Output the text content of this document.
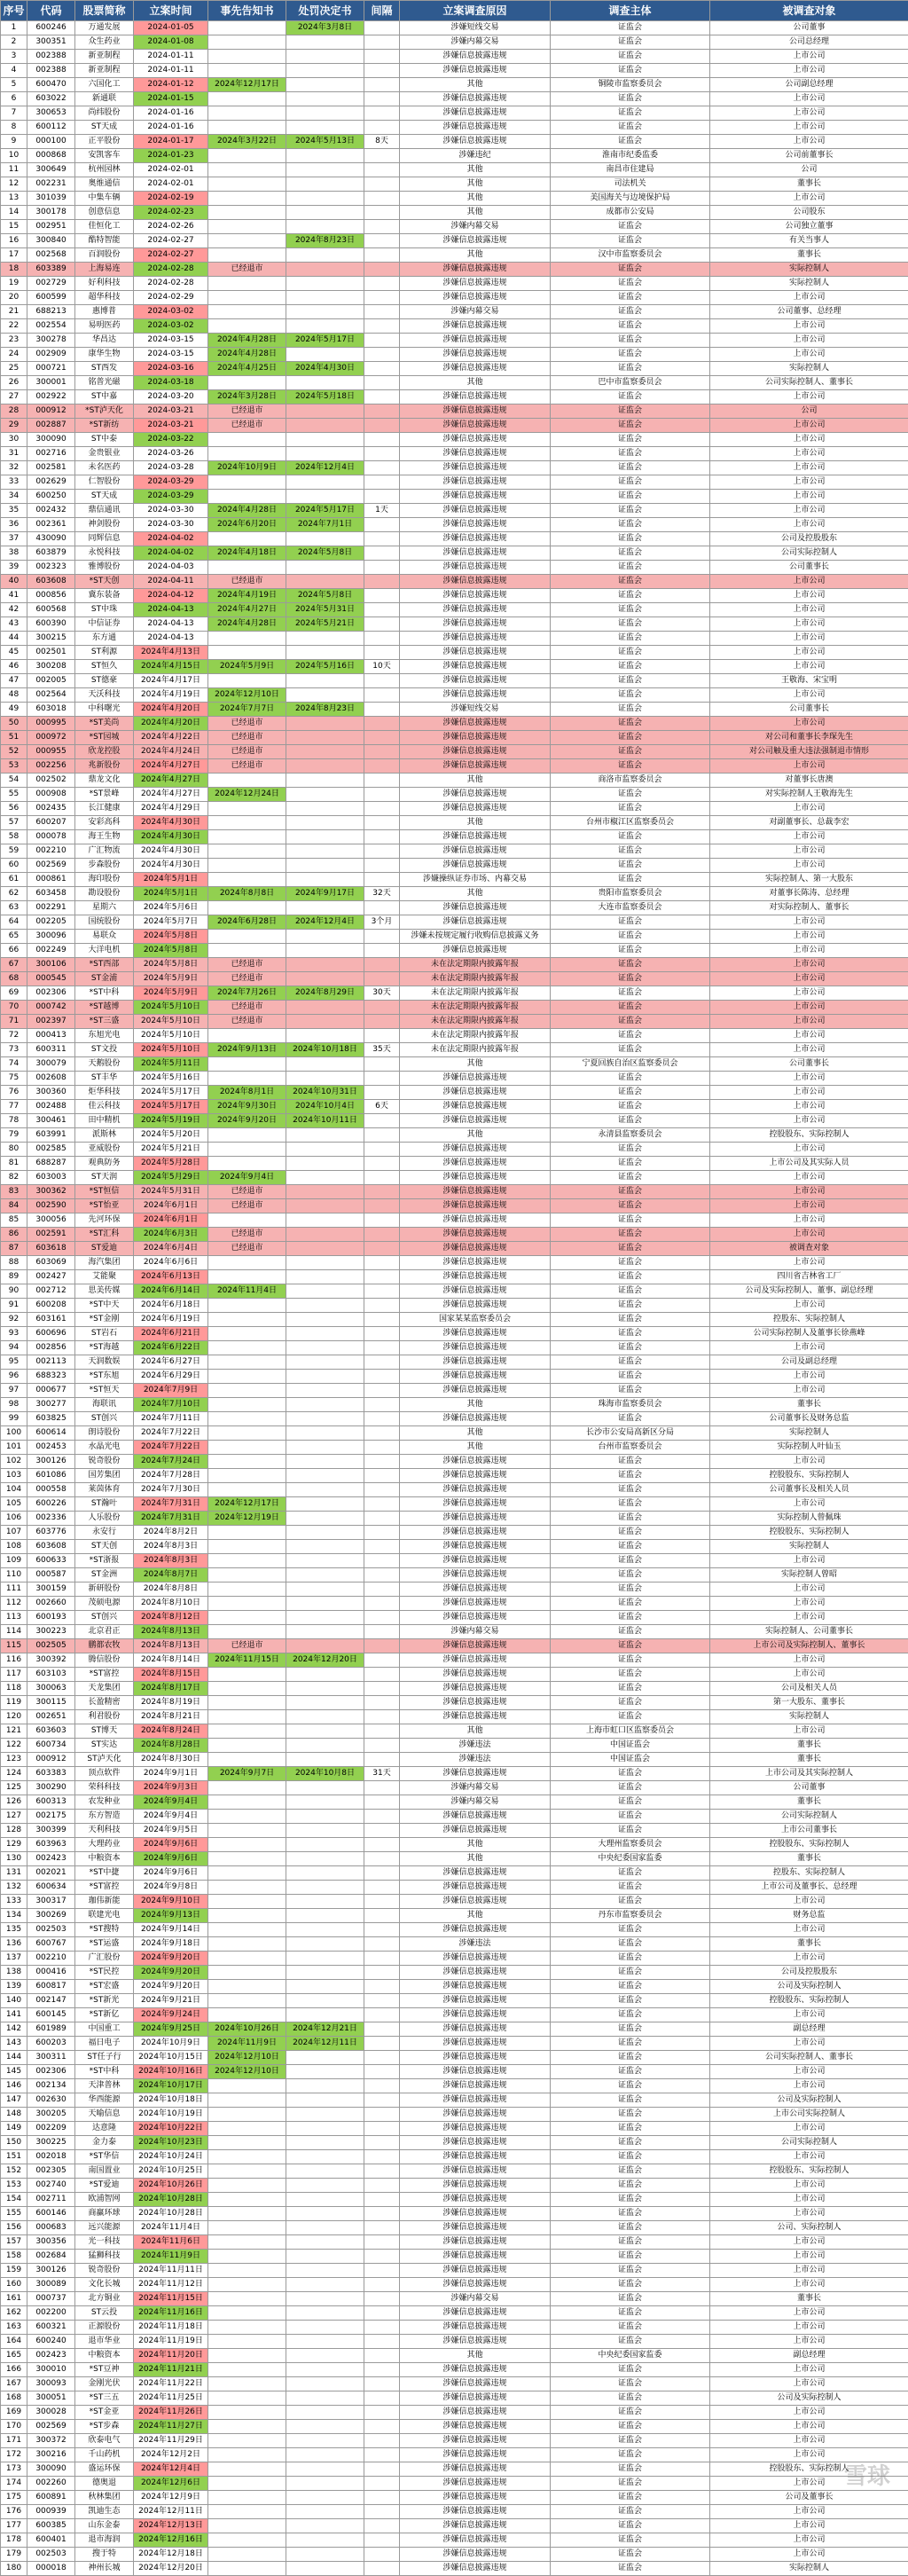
序号	代码	股票简称	立案时间	事先告知书	处罚决定书	间隔	立案调查原因	调查主体	被调查对象
1	600246	万通发展	2024-01-05		2024年3月8日		涉嫌短线交易	证监会	公司董事
2	300351	众生药业	2024-01-08				涉嫌内幕交易	证监会	公司总经理
3	002388	新亚制程	2024-01-11				涉嫌信息披露违规	证监会	上市公司
4	002388	新亚制程	2024-01-11				涉嫌信息披露违规	证监会	上市公司
5	600470	六国化工	2024-01-12	2024年12月17日			其他	铜陵市监察委员会	公司副总经理
6	603022	新通联	2024-01-15				涉嫌信息披露违规	证监会	上市公司
7	300653	尚纬股份	2024-01-16				涉嫌信息披露违规	证监会	上市公司
8	600112	ST天成	2024-01-16				涉嫌信息披露违规	证监会	上市公司
9	000100	正平股份	2024-01-17	2024年3月22日	2024年5月13日	8天	涉嫌信息披露违规	证监会	上市公司
10	000868	安凯客车	2024-01-23				涉嫌违纪	淮南市纪委监委	公司前董事长
11	300649	杭州园林	2024-02-01				其他	南昌市住建局	公司
12	002231	奥维通信	2024-02-01				其他	司法机关	董事长
13	301039	中集车辆	2024-02-19				其他	美国海关与边境保护局	上市公司
14	300178	创意信息	2024-02-23				其他	成都市公安局	公司股东
15	002951	佳恒化工	2024-02-26				涉嫌内幕交易	证监会	公司独立董事
16	300840	酷特智能	2024-02-27		2024年8月23日		涉嫌信息披露违规	证监会	有关当事人
17	002568	百润股份	2024-02-27				其他	汉中市监察委员会	董事长
18	603389	上海易连	2024-02-28	已经退市			涉嫌信息披露违规	证监会	实际控制人
19	002729	好利科技	2024-02-28				涉嫌信息披露违规	证监会	实际控制人
20	600599	超华科技	2024-02-29				涉嫌信息披露违规	证监会	上市公司
21	688213	惠博普	2024-03-02				涉嫌内幕交易	证监会	公司董事、总经理
22	002554	易明医药	2024-03-02				涉嫌信息披露违规	证监会	上市公司
23	300278	华昌达	2024-03-15	2024年4月28日	2024年5月17日		涉嫌信息披露违规	证监会	上市公司
24	002909	康华生物	2024-03-15	2024年4月28日			涉嫌信息披露违规	证监会	上市公司
25	000721	ST西发	2024-03-16	2024年4月25日	2024年4月30日		涉嫌信息披露违规	证监会	实际控制人
26	300001	铭普光磁	2024-03-18				其他	巴中市监察委员会	公司实际控制人、董事长
27	002922	ST中嘉	2024-03-20	2024年3月28日	2024年5月18日		涉嫌信息披露违规	证监会	上市公司
28	000912	*ST泸天化	2024-03-21	已经退市			涉嫌信息披露违规	证监会	公司
29	002887	*ST新纺	2024-03-21	已经退市			涉嫌信息披露违规	证监会	上市公司
30	300090	ST中泰	2024-03-22				涉嫌信息披露违规	证监会	上市公司
31	002716	金贵银业	2024-03-26				涉嫌信息披露违规	证监会	上市公司
32	002581	未名医药	2024-03-28	2024年10月9日	2024年12月4日		涉嫌信息披露违规	证监会	上市公司
33	002629	仁智股份	2024-03-29				涉嫌信息披露违规	证监会	上市公司
34	600250	ST天成	2024-03-29				涉嫌信息披露违规	证监会	上市公司
35	002432	鼎信通讯	2024-03-30	2024年4月28日	2024年5月17日	1天	涉嫌信息披露违规	证监会	上市公司
36	002361	神剑股份	2024-03-30	2024年6月20日	2024年7月1日		涉嫌信息披露违规	证监会	上市公司
37	430090	同辉信息	2024-04-02				涉嫌信息披露违规	证监会	公司及控股股东
38	603879	永悦科技	2024-04-02	2024年4月18日	2024年5月8日		涉嫌信息披露违规	证监会	公司实际控制人
39	002323	雅博股份	2024-04-03				涉嫌信息披露违规	证监会	公司董事长
40	603608	*ST天创	2024-04-11	已经退市			涉嫌信息披露违规	证监会	上市公司
41	000856	冀东装备	2024-04-12	2024年4月19日	2024年5月8日		涉嫌信息披露违规	证监会	上市公司
42	600568	ST中珠	2024-04-13	2024年4月27日	2024年5月31日		涉嫌信息披露违规	证监会	上市公司
43	600390	中信证券	2024-04-13	2024年4月28日	2024年5月21日		涉嫌信息披露违规	证监会	上市公司
44	300215	东方通	2024-04-13				涉嫌信息披露违规	证监会	上市公司
45	002501	ST利源	2024年4月13日				涉嫌信息披露违规	证监会	上市公司
46	300208	ST恒久	2024年4月15日	2024年5月9日	2024年5月16日	10天	涉嫌信息披露违规	证监会	上市公司
47	002005	ST德豪	2024年4月17日				涉嫌信息披露违规	证监会	王敬海、宋宝明
48	002564	天沃科技	2024年4月19日	2024年12月10日			涉嫌信息披露违规	证监会	上市公司
49	603018	中科曙光	2024年4月20日	2024年7月7日	2024年8月23日		涉嫌短线交易	证监会	公司董事长
50	000995	*ST美尚	2024年4月20日	已经退市			涉嫌信息披露违规	证监会	上市公司
51	000972	*ST园城	2024年4月22日	已经退市			涉嫌信息披露违规	证监会	对公司和董事长李琛先生
52	000955	欣龙控股	2024年4月24日	已经退市			涉嫌信息披露违规	证监会	对公司触及重大违法强制退市情形
53	002256	兆新股份	2024年4月27日	已经退市			涉嫌信息披露违规	证监会	上市公司
54	002502	鼎龙文化	2024年4月27日				其他	商洛市监察委员会	对董事长唐澳
55	000908	*ST景峰	2024年4月27日	2024年12月24日			涉嫌信息披露违规	证监会	对实际控制人王敬海先生
56	002435	长江健康	2024年4月29日				涉嫌信息披露违规	证监会	上市公司
57	600207	安彩高科	2024年4月30日				其他	台州市椒江区监察委员会	对副董事长、总裁李宏
58	000078	海王生物	2024年4月30日				涉嫌信息披露违规	证监会	上市公司
59	002210	广汇物流	2024年4月30日				涉嫌信息披露违规	证监会	上市公司
60	002569	步森股份	2024年4月30日				涉嫌信息披露违规	证监会	上市公司
61	000861	海印股份	2024年5月1日				涉嫌操纵证券市场、内幕交易	证监会	实际控制人、第一大股东
62	603458	勘设股份	2024年5月1日	2024年8月8日	2024年9月17日	32天	其他	贵阳市监察委员会	对董事长陈涛、总经理
63	002291	星期六	2024年5月6日				涉嫌信息披露违规	大连市监察委员会	对实际控制人、董事长
64	002205	国统股份	2024年5月7日	2024年6月28日	2024年12月4日	3个月	涉嫌信息披露违规	证监会	上市公司
65	300096	易联众	2024年5月8日				涉嫌未按规定履行收购信息披露义务	证监会	上市公司
66	002249	大洋电机	2024年5月8日				涉嫌信息披露违规	证监会	上市公司
67	300106	*ST西部	2024年5月8日	已经退市			未在法定期限内披露年报	证监会	上市公司
68	000545	ST金浦	2024年5月9日	已经退市			未在法定期限内披露年报	证监会	上市公司
69	002306	*ST中科	2024年5月9日	2024年7月26日	2024年8月29日	30天	未在法定期限内披露年报	证监会	上市公司
70	000742	*ST越博	2024年5月10日	已经退市			未在法定期限内披露年报	证监会	上市公司
71	002397	*ST三盛	2024年5月10日	已经退市			未在法定期限内披露年报	证监会	上市公司
72	000413	东旭光电	2024年5月10日				未在法定期限内披露年报	证监会	上市公司
73	600311	ST文投	2024年5月10日	2024年9月13日	2024年10月18日	35天	未在法定期限内披露年报	证监会	上市公司
74	300079	天鹅股份	2024年5月11日				其他	宁夏回族自治区监察委员会	公司董事长
75	002608	ST丰华	2024年5月16日				涉嫌信息披露违规	证监会	上市公司
76	300360	炬华科技	2024年5月17日	2024年8月1日	2024年10月31日		涉嫌信息披露违规	证监会	上市公司
77	002488	佳云科技	2024年5月17日	2024年9月30日	2024年10月4日	6天	涉嫌信息披露违规	证监会	上市公司
78	300461	田中精机	2024年5月19日	2024年9月20日	2024年10月11日		涉嫌信息披露违规	证监会	上市公司
79	603991	派斯林	2024年5月20日				其他	永清县监察委员会	控股股东、实际控制人
80	002585	亚威股份	2024年5月21日				涉嫌信息披露违规	证监会	上市公司
81	688287	观典防务	2024年5月28日				涉嫌信息披露违规	证监会	上市公司及其实际人员
82	603003	ST天润	2024年5月29日	2024年9月4日			涉嫌信息披露违规	证监会	上市公司
83	300362	*ST恒信	2024年5月31日	已经退市			涉嫌信息披露违规	证监会	上市公司
84	002590	*ST怡亚	2024年6月1日	已经退市			涉嫌信息披露违规	证监会	上市公司
85	300056	先河环保	2024年6月1日				涉嫌信息披露违规	证监会	上市公司
86	002591	*ST汇科	2024年6月3日	已经退市			涉嫌信息披露违规	证监会	上市公司
87	603618	ST爱迪	2024年6月4日	已经退市			涉嫌信息披露违规	证监会	被调查对象
88	603069	海汽集团	2024年6月6日				涉嫌信息披露违规	证监会	上市公司
89	002427	艾能聚	2024年6月13日				涉嫌信息披露违规	证监会	四川省吉林省工厂
90	002712	思美传媒	2024年6月14日	2024年11月4日			涉嫌信息披露违规	证监会	公司及实际控制人、董事、副总经理
91	600208	*ST中天	2024年6月18日				涉嫌信息披露违规	证监会	上市公司
92	603161	*ST金刚	2024年6月19日				国家某某监察委员会	证监会	控股东、实际控制人
93	600696	ST岩石	2024年6月21日				涉嫌信息披露违规	证监会	公司实际控制人及董事长徐燕峰
94	002856	*ST海越	2024年6月22日				涉嫌信息披露违规	证监会	上市公司
95	002113	天润数娱	2024年6月27日				涉嫌信息披露违规	证监会	公司及副总经理
96	688323	*ST东旭	2024年6月29日				涉嫌信息披露违规	证监会	上市公司
97	000677	*ST恒天	2024年7月9日				涉嫌信息披露违规	证监会	上市公司
98	300277	海联讯	2024年7月10日				其他	珠海市监察委员会	董事长
99	603825	ST创兴	2024年7月11日				涉嫌信息披露违规	证监会	公司董事长及财务总监
100	600614	朗诗股份	2024年7月22日				其他	长沙市公安局高新区分局	实际控制人
101	002453	水晶光电	2024年7月22日				其他	台州市监察委员会	实际控制人叶仙玉
102	300126	锐奇股份	2024年7月24日				涉嫌信息披露违规	证监会	上市公司
103	601086	国芳集团	2024年7月28日				涉嫌信息披露违规	证监会	控股股东、实际控制人
104	000558	莱茵体育	2024年7月30日				涉嫌信息披露违规	证监会	公司董事长及相关人员
105	600226	ST瀚叶	2024年7月31日	2024年12月17日			涉嫌信息披露违规	证监会	上市公司
106	002336	人乐股份	2024年7月31日	2024年12月19日			涉嫌信息披露违规	证监会	实际控制人曾佩珠
107	603776	永安行	2024年8月2日				涉嫌信息披露违规	证监会	控股股东、实际控制人
108	603608	ST天创	2024年8月3日				涉嫌信息披露违规	证监会	实际控制人
109	600633	*ST浙报	2024年8月3日				涉嫌信息披露违规	证监会	上市公司
110	000587	ST金洲	2024年8月7日				涉嫌信息披露违规	证监会	实际控制人曾昭
111	300159	新研股份	2024年8月8日				涉嫌信息披露违规	证监会	上市公司
112	002660	茂硕电源	2024年8月10日				涉嫌信息披露违规	证监会	上市公司
113	600193	ST创兴	2024年8月12日				涉嫌信息披露违规	证监会	上市公司
114	300223	北京君正	2024年8月13日				涉嫌内幕交易	证监会	实际控制人、公司董事长
115	002505	鹏都农牧	2024年8月13日	已经退市			涉嫌信息披露违规	证监会	上市公司及实际控制人、董事长
116	300392	腾信股份	2024年8月14日	2024年11月15日	2024年12月20日		涉嫌信息披露违规	证监会	上市公司
117	603103	*ST富控	2024年8月15日				涉嫌信息披露违规	证监会	上市公司
118	300063	天龙集团	2024年8月17日				涉嫌信息披露违规	证监会	公司及相关人员
119	300115	长盈精密	2024年8月19日				涉嫌信息披露违规	证监会	第一大股东、董事长
120	002651	利君股份	2024年8月21日				涉嫌信息披露违规	证监会	实际控制人
121	603603	ST博天	2024年8月24日				其他	上海市虹口区监察委员会	上市公司
122	600734	ST实达	2024年8月28日				涉嫌违法	中国证监会	董事长
123	000912	ST泸天化	2024年8月30日				涉嫌违法	中国证监会	董事长
124	603383	顶点软件	2024年9月1日	2024年9月7日	2024年10月8日	31天	涉嫌信息披露违规	证监会	上市公司及其实际控制人
125	300290	荣科科技	2024年9月3日				涉嫌内幕交易	证监会	公司董事
126	600313	农发种业	2024年9月4日				涉嫌内幕交易	证监会	董事长
127	002175	东方智造	2024年9月4日				涉嫌信息披露违规	证监会	公司实际控制人
128	300399	天利科技	2024年9月5日				涉嫌信息披露违规	证监会	上市公司董事长
129	603963	大理药业	2024年9月6日				其他	大理州监察委员会	控股股东、实际控制人
130	002423	中粮资本	2024年9月6日				其他	中央纪委国家监委	董事长
131	002021	*ST中捷	2024年9月6日				涉嫌信息披露违规	证监会	控股东、实际控制人
132	600634	*ST富控	2024年9月8日				涉嫌信息披露违规	证监会	上市公司及董事长、总经理
133	300317	珈伟新能	2024年9月10日				涉嫌信息披露违规	证监会	上市公司
134	300269	联建光电	2024年9月13日				其他	丹东市监察委员会	财务总监
135	002503	*ST搜特	2024年9月14日				涉嫌信息披露违规	证监会	上市公司
136	600767	*ST运盛	2024年9月18日				涉嫌违法	证监会	董事长
137	002210	广汇股份	2024年9月20日				涉嫌信息披露违规	证监会	上市公司
138	000416	*ST民控	2024年9月20日				涉嫌信息披露违规	证监会	公司及控股股东
139	600817	*ST宏盛	2024年9月20日				涉嫌信息披露违规	证监会	公司及实际控制人
140	002147	*ST新光	2024年9月21日				涉嫌信息披露违规	证监会	控股股东、实际控制人
141	600145	*ST新亿	2024年9月24日				涉嫌信息披露违规	证监会	上市公司
142	601989	中国重工	2024年9月25日	2024年10月26日	2024年12月21日		涉嫌信息披露违规	证监会	副总经理
143	600203	福日电子	2024年10月9日	2024年11月9日	2024年12月11日		涉嫌信息披露违规	证监会	上市公司
144	300311	ST任子行	2024年10月15日	2024年12月10日			涉嫌信息披露违规	证监会	公司实际控制人、董事长
145	002306	*ST中科	2024年10月16日	2024年12月10日			涉嫌信息披露违规	证监会	上市公司
146	002134	天津普林	2024年10月17日				涉嫌信息披露违规	证监会	上市公司
147	002630	华西能源	2024年10月18日				涉嫌信息披露违规	证监会	公司及实际控制人
148	300205	天喻信息	2024年10月19日				涉嫌信息披露违规	证监会	上市公司实际控制人
149	002209	达意隆	2024年10月22日				涉嫌信息披露违规	证监会	上市公司
150	300225	金力泰	2024年10月23日				涉嫌信息披露违规	证监会	公司实际控制人
151	002018	*ST华信	2024年10月24日				涉嫌信息披露违规	证监会	上市公司
152	002305	南国置业	2024年10月25日				涉嫌信息披露违规	证监会	控股股东、实际控制人
153	002740	*ST爱迪	2024年10月26日				涉嫌信息披露违规	证监会	上市公司
154	002711	欧浦智网	2024年10月28日				涉嫌信息披露违规	证监会	上市公司
155	600146	商赢环球	2024年10月28日				涉嫌信息披露违规	证监会	上市公司
156	000683	远兴能源	2024年11月4日				涉嫌信息披露违规	证监会	公司、实际控制人
157	300356	光一科技	2024年11月6日				涉嫌信息披露违规	证监会	上市公司
158	002684	猛狮科技	2024年11月9日				涉嫌信息披露违规	证监会	上市公司
159	300126	锐奇股份	2024年11月11日				涉嫌信息披露违规	证监会	上市公司
160	300089	文化长城	2024年11月12日				涉嫌信息披露违规	证监会	上市公司
161	000737	北方铜业	2024年11月15日				涉嫌内幕交易	证监会	董事长
162	002200	ST云投	2024年11月16日				涉嫌信息披露违规	证监会	上市公司
163	600321	正源股份	2024年11月18日				涉嫌信息披露违规	证监会	上市公司
164	600240	退市华业	2024年11月19日				涉嫌信息披露违规	证监会	上市公司
165	002423	中粮资本	2024年11月20日				其他	中央纪委国家监委	副总经理
166	300010	*ST豆神	2024年11月21日				涉嫌信息披露违规	证监会	上市公司
167	300093	金刚光伏	2024年11月22日				涉嫌信息披露违规	证监会	上市公司
168	300051	*ST三五	2024年11月25日				涉嫌信息披露违规	证监会	公司及实际控制人
169	300028	*ST金亚	2024年11月26日				涉嫌信息披露违规	证监会	上市公司
170	002569	*ST步森	2024年11月27日				涉嫌信息披露违规	证监会	上市公司
171	300372	欣泰电气	2024年11月29日				涉嫌信息披露违规	证监会	上市公司
172	300216	千山药机	2024年12月2日				涉嫌信息披露违规	证监会	上市公司
173	300090	盛运环保	2024年12月4日				涉嫌信息披露违规	证监会	控股股东、实际控制人
174	002260	德奥退	2024年12月6日				涉嫌信息披露违规	证监会	上市公司
175	600891	秋林集团	2024年12月9日				涉嫌信息披露违规	证监会	公司及董事长
176	000939	凯迪生态	2024年12月11日				涉嫌信息披露违规	证监会	上市公司
177	600385	山东金泰	2024年12月13日				涉嫌信息披露违规	证监会	上市公司
178	600401	退市海润	2024年12月16日				涉嫌信息披露违规	证监会	上市公司
179	002503	搜于特	2024年12月18日				涉嫌信息披露违规	证监会	上市公司
180	000018	神州长城	2024年12月20日				涉嫌信息披露违规	证监会	实际控制人 雪球
